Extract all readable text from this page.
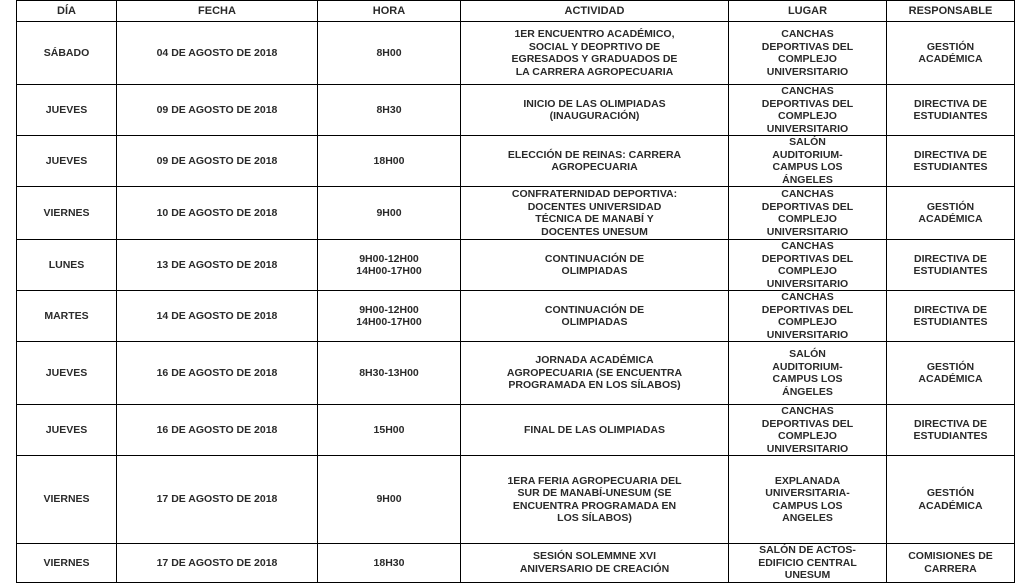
DÍA	FECHA	HORA	ACTIVIDAD	LUGAR	RESPONSABLE

SÁBADO	04 DE AGOSTO DE 2018	8H00	1ER ENCUENTRO ACADÉMICO,
SOCIAL Y DEOPRTIVO DE
EGRESADOS Y GRADUADOS DE
LA CARRERA AGROPECUARIA	CANCHAS
DEPORTIVAS DEL
COMPLEJO
UNIVERSITARIO	GESTIÓN
ACADÉMICA

JUEVES	09 DE AGOSTO DE 2018	8H30	INICIO DE LAS OLIMPIADAS
(INAUGURACIÓN)	CANCHAS
DEPORTIVAS DEL
COMPLEJO
UNIVERSITARIO	DIRECTIVA DE
ESTUDIANTES

JUEVES	09 DE AGOSTO DE 2018	18H00	ELECCIÓN DE REINAS: CARRERA
AGROPECUARIA	SALÓN
AUDITORIUM-
CAMPUS LOS
ÁNGELES	DIRECTIVA DE
ESTUDIANTES

VIERNES	10 DE AGOSTO DE 2018	9H00	CONFRATERNIDAD DEPORTIVA:
DOCENTES UNIVERSIDAD
TÉCNICA DE MANABÍ Y
DOCENTES UNESUM	CANCHAS
DEPORTIVAS DEL
COMPLEJO
UNIVERSITARIO	GESTIÓN
ACADÉMICA

LUNES	13 DE AGOSTO DE 2018	9H00-12H00
14H00-17H00	CONTINUACIÓN DE
OLIMPIADAS	CANCHAS
DEPORTIVAS DEL
COMPLEJO
UNIVERSITARIO	DIRECTIVA DE
ESTUDIANTES

MARTES	14 DE AGOSTO DE 2018	9H00-12H00
14H00-17H00	CONTINUACIÓN DE
OLIMPIADAS	CANCHAS
DEPORTIVAS DEL
COMPLEJO
UNIVERSITARIO	DIRECTIVA DE
ESTUDIANTES

JUEVES	16 DE AGOSTO DE 2018	8H30-13H00	JORNADA ACADÉMICA
AGROPECUARIA (SE ENCUENTRA
PROGRAMADA EN LOS SÍLABOS)	SALÓN
AUDITORIUM-
CAMPUS LOS
ÁNGELES	GESTIÓN
ACADÉMICA

JUEVES	16 DE AGOSTO DE 2018	15H00	FINAL DE LAS OLIMPIADAS	CANCHAS
DEPORTIVAS DEL
COMPLEJO
UNIVERSITARIO	DIRECTIVA DE
ESTUDIANTES

VIERNES	17 DE AGOSTO DE 2018	9H00	1ERA FERIA AGROPECUARIA DEL
SUR DE MANABÍ-UNESUM (SE
ENCUENTRA PROGRAMADA EN
LOS SÍLABOS)	EXPLANADA
UNIVERSITARIA-
CAMPUS LOS
ANGELES	GESTIÓN
ACADÉMICA

VIERNES	17 DE AGOSTO DE 2018	18H30	SESIÓN SOLEMMNE XVI
ANIVERSARIO DE CREACIÓN	SALÓN DE ACTOS-
EDIFICIO CENTRAL
UNESUM	COMISIONES DE
CARRERA
